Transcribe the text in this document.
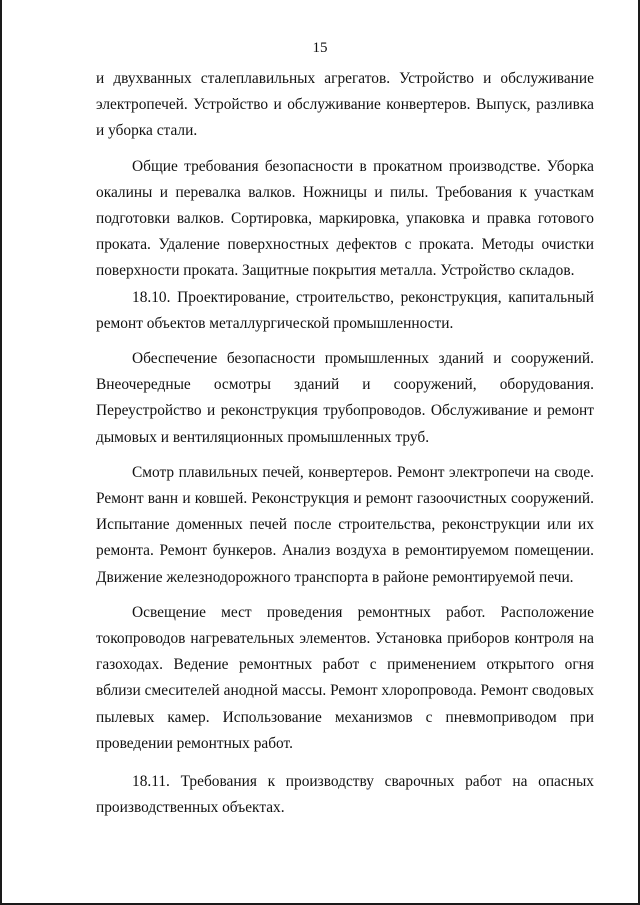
15

и двухванных сталеплавильных агрегатов. Устройство и обслуживание электропечей. Устройство и обслуживание конвертеров. Выпуск, разливка и уборка стали.

Общие требования безопасности в прокатном производстве. Уборка окалины и перевалка валков. Ножницы и пилы. Требования к участкам подготовки валков. Сортировка, маркировка, упаковка и правка готового проката. Удаление поверхностных дефектов с проката. Методы очистки поверхности проката. Защитные покрытия металла. Устройство складов.

18.10. Проектирование, строительство, реконструкция, капитальный ремонт объектов металлургической промышленности.

Обеспечение безопасности промышленных зданий и сооружений. Внеочередные осмотры зданий и сооружений, оборудования. Переустройство и реконструкция трубопроводов. Обслуживание и ремонт дымовых и вентиляционных промышленных труб.

Смотр плавильных печей, конвертеров. Ремонт электропечи на своде. Ремонт ванн и ковшей. Реконструкция и ремонт газоочистных сооружений. Испытание доменных печей после строительства, реконструкции или их ремонта. Ремонт бункеров. Анализ воздуха в ремонтируемом помещении. Движение железнодорожного транспорта в районе ремонтируемой печи.

Освещение мест проведения ремонтных работ. Расположение токопроводов нагревательных элементов. Установка приборов контроля на газоходах. Ведение ремонтных работ с применением открытого огня вблизи смесителей анодной массы. Ремонт хлоропровода. Ремонт сводовых пылевых камер. Использование механизмов с пневмоприводом при проведении ремонтных работ.

18.11. Требования к производству сварочных работ на опасных производственных объектах.
